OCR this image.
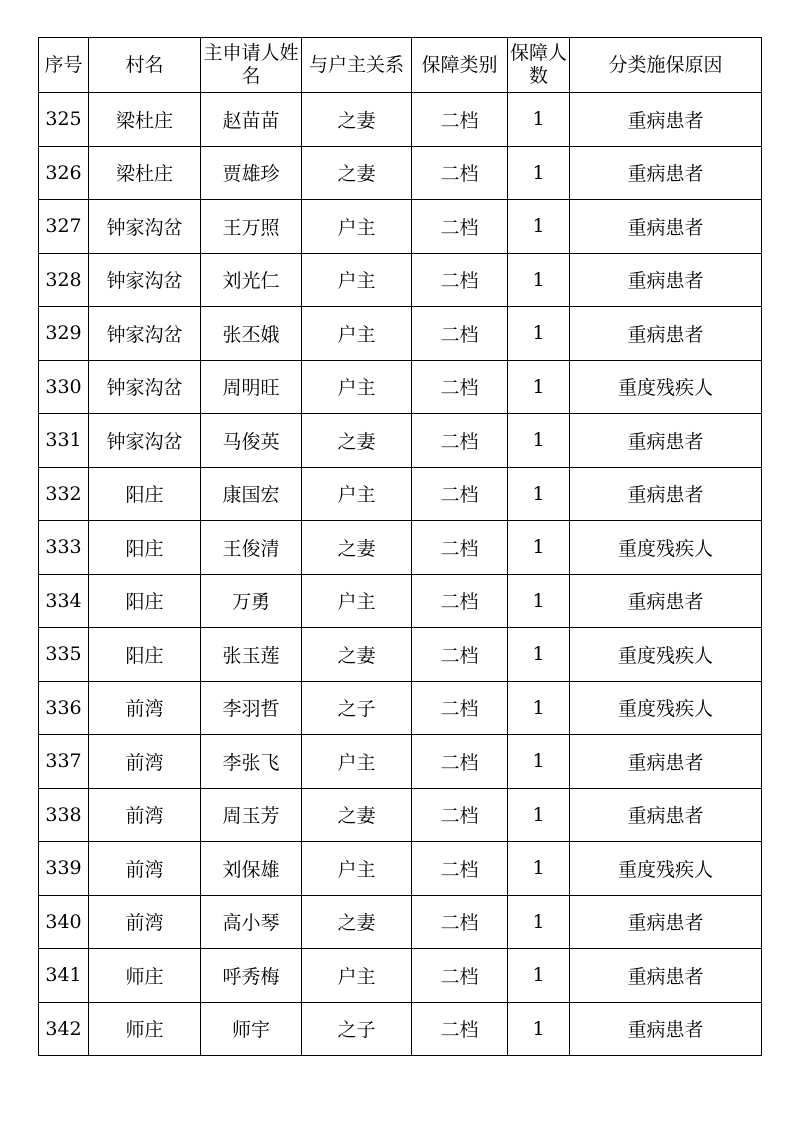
序号	村名	主申请人姓名	与户主关系	保障类别	保障人数	分类施保原因
325	梁杜庄	赵苗苗	之妻	二档	1	重病患者
326	梁杜庄	贾雄珍	之妻	二档	1	重病患者
327	钟家沟岔	王万照	户主	二档	1	重病患者
328	钟家沟岔	刘光仁	户主	二档	1	重病患者
329	钟家沟岔	张丕娥	户主	二档	1	重病患者
330	钟家沟岔	周明旺	户主	二档	1	重度残疾人
331	钟家沟岔	马俊英	之妻	二档	1	重病患者
332	阳庄	康国宏	户主	二档	1	重病患者
333	阳庄	王俊清	之妻	二档	1	重度残疾人
334	阳庄	万勇	户主	二档	1	重病患者
335	阳庄	张玉莲	之妻	二档	1	重度残疾人
336	前湾	李羽哲	之子	二档	1	重度残疾人
337	前湾	李张飞	户主	二档	1	重病患者
338	前湾	周玉芳	之妻	二档	1	重病患者
339	前湾	刘保雄	户主	二档	1	重度残疾人
340	前湾	高小琴	之妻	二档	1	重病患者
341	师庄	呼秀梅	户主	二档	1	重病患者
342	师庄	师宇	之子	二档	1	重病患者
